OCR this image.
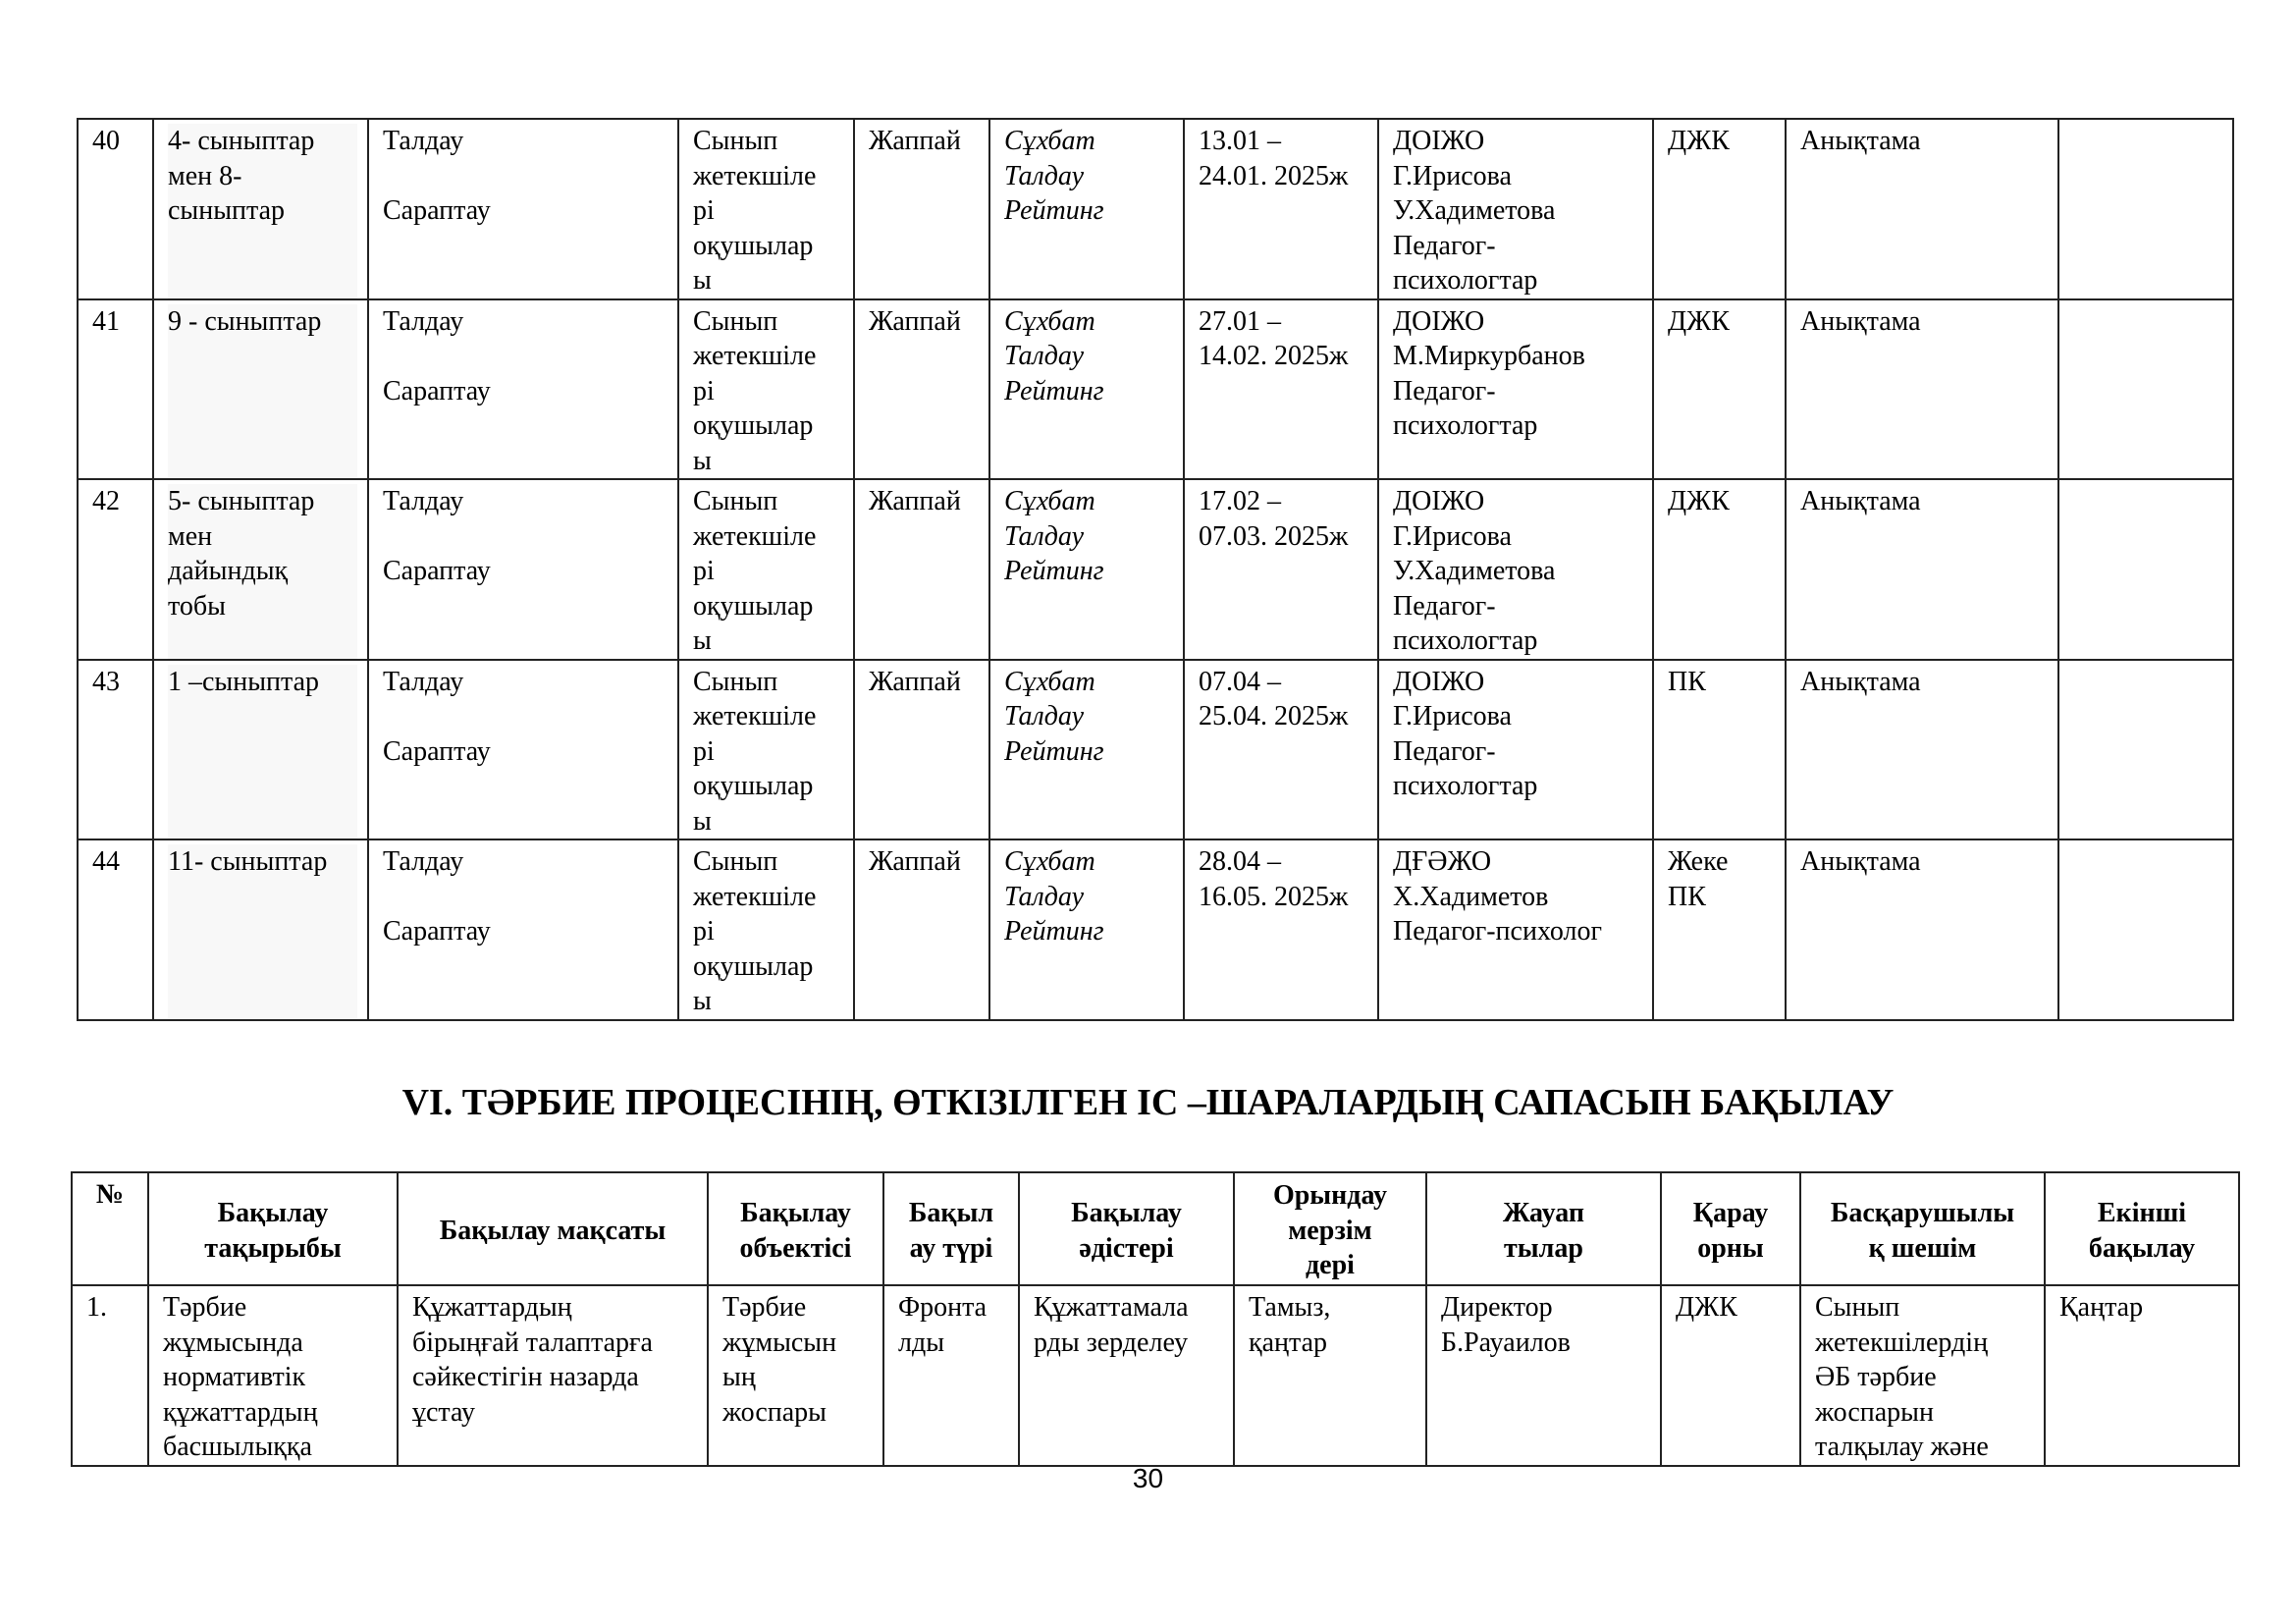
40	4- сыныптар
мен 8-
сыныптар	Талдау

Сараптау	Сынып
жетекшіле
рі
оқушылар
ы	Жаппай	Сұхбат
Талдау
Рейтинг	13.01 –
24.01. 2025ж	ДОІЖО
Г.Ирисова
У.Хадиметова
Педагог-
психологтар	ДЖК	Анықтама	
41	9 - сыныптар	Талдау

Сараптау	Сынып
жетекшіле
рі
оқушылар
ы	Жаппай	Сұхбат
Талдау
Рейтинг	27.01 –
14.02. 2025ж	ДОІЖО
М.Миркурбанов
Педагог-
психологтар	ДЖК	Анықтама	
42	5- сыныптар
мен
дайындық
тобы	Талдау

Сараптау	Сынып
жетекшіле
рі
оқушылар
ы	Жаппай	Сұхбат
Талдау
Рейтинг	17.02 –
07.03. 2025ж	ДОІЖО
Г.Ирисова
У.Хадиметова
Педагог-
психологтар	ДЖК	Анықтама	
43	1 –сыныптар	Талдау

Сараптау	Сынып
жетекшіле
рі
оқушылар
ы	Жаппай	Сұхбат
Талдау
Рейтинг	07.04 –
25.04. 2025ж	ДОІЖО
Г.Ирисова
Педагог-
психологтар	ПК	Анықтама	
44	11- сыныптар	Талдау

Сараптау	Сынып
жетекшіле
рі
оқушылар
ы	Жаппай	Сұхбат
Талдау
Рейтинг	28.04 –
16.05. 2025ж	ДҒӘЖО
Х.Хадиметов
Педагог-психолог	Жеке
ПК	Анықтама	
VI. ТӘРБИЕ ПРОЦЕСІНІҢ, ӨТКІЗІЛГЕН ІС –ШАРАЛАРДЫҢ САПАСЫН БАҚЫЛАУ
№	Бақылау
тақырыбы	Бақылау мақсаты	Бақылау
объектісі	Бақыл
ау түрі	Бақылау
әдістері	Орындау
мерзім
дері	Жауап
тылар	Қарау
орны	Басқарушылы
қ шешім	Екінші
бақылау
1.	Тәрбие
жұмысында
нормативтік
құжаттардың
басшылыққа	Құжаттардың
бірыңғай талаптарға
сәйкестігін назарда
ұстау	Тәрбие
жұмысын
ың
жоспары	Фронта
лды	Құжаттамала
рды зерделеу	Тамыз,
қаңтар	Директор
Б.Рауаилов	ДЖК	Сынып
жетекшілердің
ӘБ тәрбие
жоспарын
талқылау және	Қаңтар
30
